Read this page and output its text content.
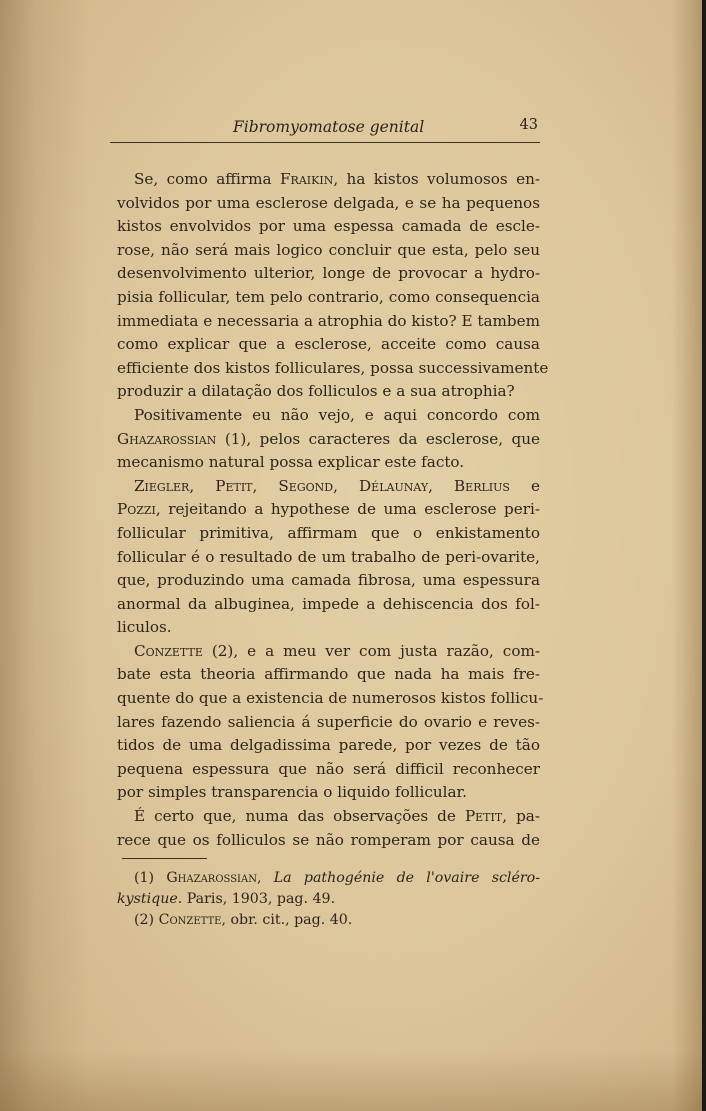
Fibromyomatose genital	43
Se, como affirma Fraikin, ha kistos volumosos en-
volvidos por uma esclerose delgada, e se ha pequenos
kistos envolvidos por uma espessa camada de escle-
rose, não será mais logico concluir que esta, pelo seu
desenvolvimento ulterior, longe de provocar a hydro-
pisia follicular, tem pelo contrario, como consequencia
immediata e necessaria a atrophia do kisto? E tambem
como explicar que a esclerose, acceite como causa
efficiente dos kistos folliculares, possa successivamente
produzir a dilatação dos folliculos e a sua atrophia?
Positivamente eu não vejo, e aqui concordo com
Ghazarossian (1), pelos caracteres da esclerose, que
mecanismo natural possa explicar este facto.
Ziegler, Petit, Segond, Délaunay, Berlius e
Pozzi, rejeitando a hypothese de uma esclerose peri-
follicular primitiva, affirmam que o enkistamento
follicular é o resultado de um trabalho de peri-ovarite,
que, produzindo uma camada fibrosa, uma espessura
anormal da albuginea, impede a dehiscencia dos fol-
liculos.
Conzette (2), e a meu ver com justa razão, com-
bate esta theoria affirmando que nada ha mais fre-
quente do que a existencia de numerosos kistos follicu-
lares fazendo saliencia á superficie do ovario e reves-
tidos de uma delgadissima parede, por vezes de tão
pequena espessura que não será difficil reconhecer
por simples transparencia o liquido follicular.
É certo que, numa das observações de Petit, pa-
rece que os folliculos se não romperam por causa de
(1) Ghazarossian, La pathogénie de l'ovaire scléro-
kystique. Paris, 1903, pag. 49.
(2) Conzette, obr. cit., pag. 40.
